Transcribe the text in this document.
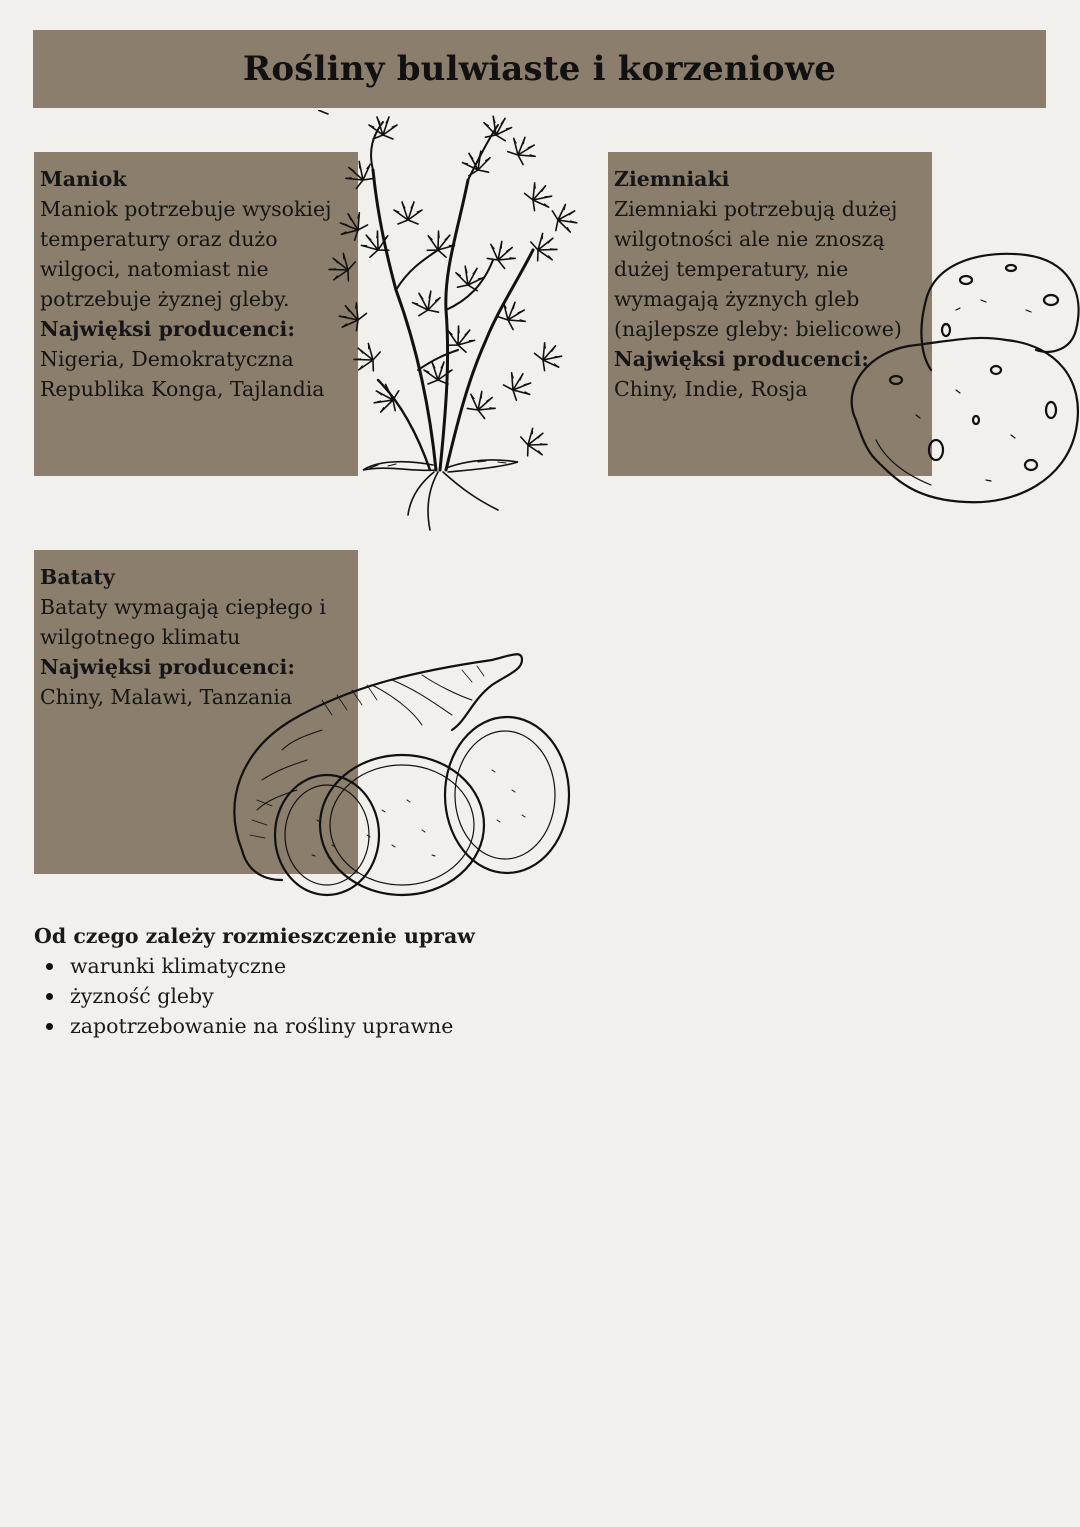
Rośliny bulwiaste i korzeniowe
Maniok
Maniok potrzebuje wysokiej temperatury oraz dużo wilgoci, natomiast nie potrzebuje żyznej gleby.
Najwięksi producenci: Nigeria, Demokratyczna Republika Konga, Tajlandia
Ziemniaki
Ziemniaki potrzebują dużej wilgotności ale nie znoszą dużej temperatury, nie wymagają żyznych gleb (najlepsze gleby: bielicowe)
Najwięksi producenci: Chiny, Indie, Rosja
Bataty
Bataty wymagają ciepłego i wilgotnego klimatu
Najwięksi producenci: Chiny, Malawi, Tanzania
Od czego zależy rozmieszczenie upraw
warunki klimatyczne
żyzność gleby
zapotrzebowanie na rośliny uprawne
